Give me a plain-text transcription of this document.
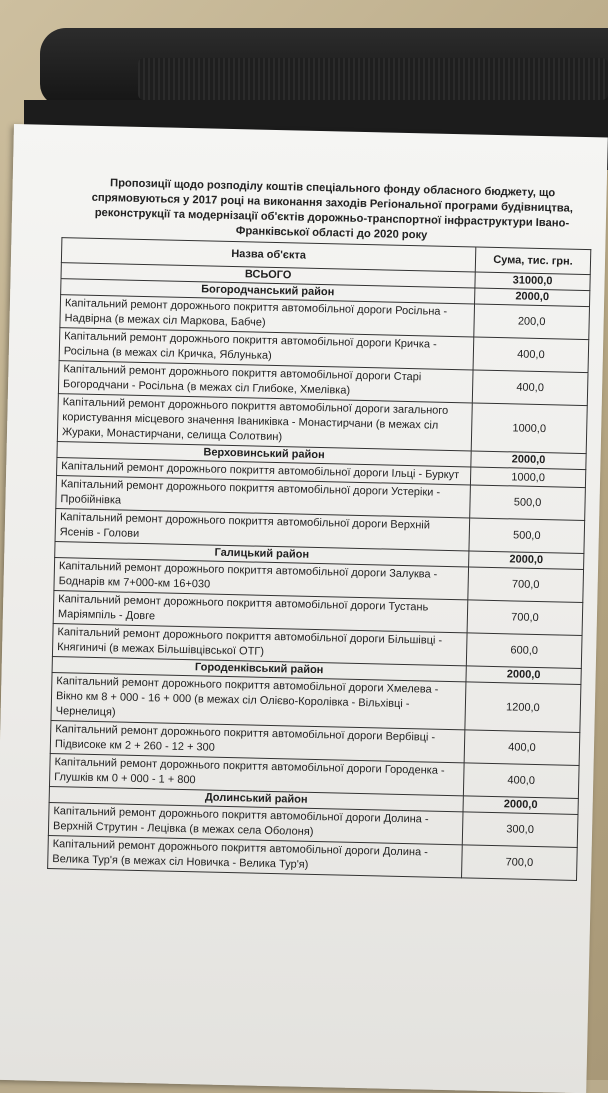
Пропозиції щодо розподілу коштів спеціального фонду обласного бюджету, що спрямовуються у 2017 році на виконання заходів Регіональної програми будівництва, реконструкції та модернізації об'єктів дорожньо-транспортної інфраструктури Івано-Франківської області до 2020 року
Назва об'єкта	Сума, тис. грн.
ВСЬОГО	31000,0
Богородчанський район	2000,0
Капітальний ремонт дорожнього покриття автомобільної дороги Росільна - Надвірна (в межах сіл Маркова, Бабче)	200,0
Капітальний ремонт дорожнього покриття автомобільної дороги Кричка - Росільна (в межах сіл Кричка, Яблунька)	400,0
Капітальний ремонт дорожнього покриття автомобільної дороги Старі Богородчани - Росільна (в межах сіл Глибоке, Хмелівка)	400,0
Капітальний ремонт дорожнього покриття автомобільної дороги загального користування місцевого значення Іваниківка - Монастирчани (в межах сіл Жураки, Монастирчани, селища Солотвин)	1000,0
Верховинський район	2000,0
Капітальний ремонт дорожнього покриття автомобільної дороги Ільці - Буркут	1000,0
Капітальний ремонт дорожнього покриття автомобільної дороги Устеріки - Пробійнівка	500,0
Капітальний ремонт дорожнього покриття автомобільної дороги Верхній Ясенів - Голови	500,0
Галицький район	2000,0
Капітальний ремонт дорожнього покриття автомобільної дороги Залуква - Боднарів км 7+000-км 16+030	700,0
Капітальний ремонт дорожнього покриття автомобільної дороги Тустань Маріямпіль - Довге	700,0
Капітальний ремонт дорожнього покриття автомобільної дороги Більшівці - Княгиничі (в межах Більшівцівської ОТГ)	600,0
Городенківський район	2000,0
Капітальний ремонт дорожнього покриття автомобільної дороги Хмелева - Вікно км 8 + 000 - 16 + 000 (в межах сіл Олієво-Королівка - Вільхівці - Чернелиця)	1200,0
Капітальний ремонт дорожнього покриття автомобільної дороги Вербівці - Підвисоке км 2 + 260 - 12 + 300	400,0
Капітальний ремонт дорожнього покриття автомобільної дороги Городенка - Глушків км 0 + 000 - 1 + 800	400,0
Долинський район	2000,0
Капітальний ремонт дорожнього покриття автомобільної дороги Долина - Верхній Струтин - Лецівка (в межах села Оболоня)	300,0
Капітальний ремонт дорожнього покриття автомобільної дороги Долина - Велика Тур'я (в межах сіл Новичка - Велика Тур'я)	700,0
